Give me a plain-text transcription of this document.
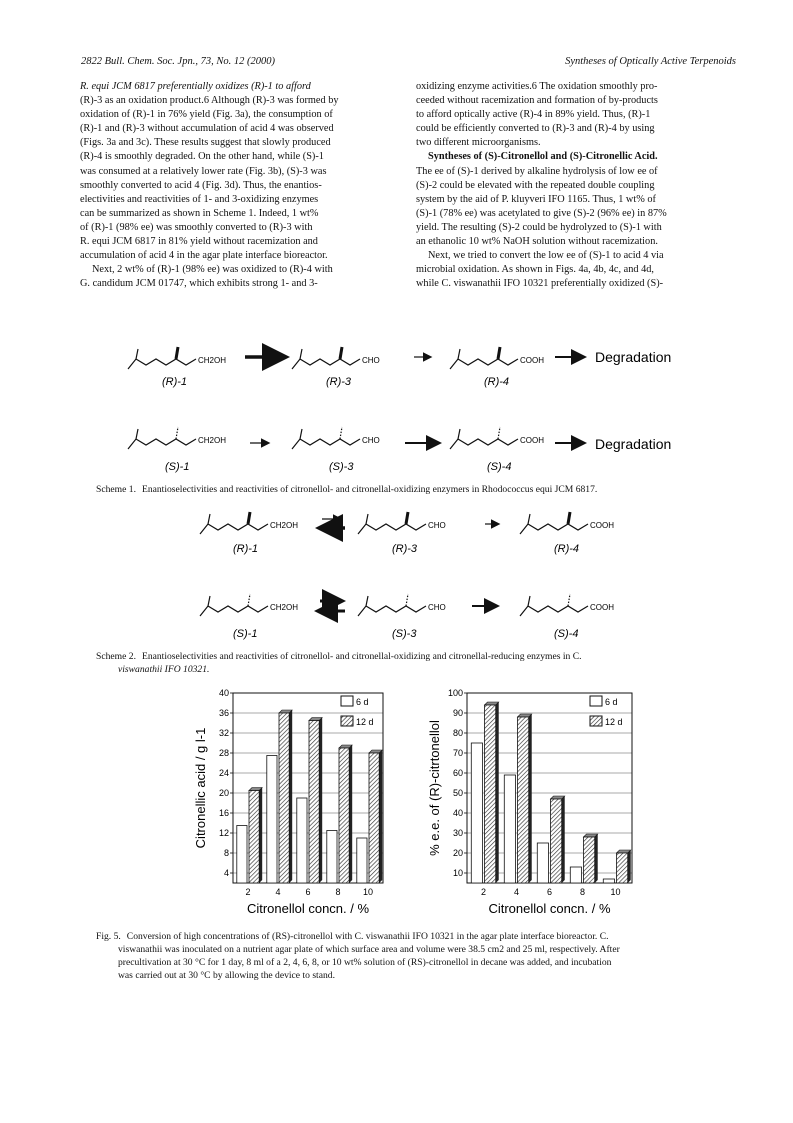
2822 Bull. Chem. Soc. Jpn., 73, No. 12 (2000)	Syntheses of Optically Active Terpenoids

R. equi JCM 6817 preferentially oxidizes (R)-1 to afford

(R)-3 as an oxidation product.6 Although (R)-3 was formed by

oxidation of (R)-1 in 76% yield (Fig. 3a), the consumption of

(R)-1 and (R)-3 without accumulation of acid 4 was observed

(Figs. 3a and 3c). These results suggest that slowly produced

(R)-4 is smoothly degraded. On the other hand, while (S)-1

was consumed at a relatively lower rate (Fig. 3b), (S)-3 was

smoothly converted to acid 4 (Fig. 3d). Thus, the enantios-

electivities and reactivities of 1- and 3-oxidizing enzymes

can be summarized as shown in Scheme 1. Indeed, 1 wt%

of (R)-1 (98% ee) was smoothly converted to (R)-3 with

R. equi JCM 6817 in 81% yield without racemization and

accumulation of acid 4 in the agar plate interface bioreactor.

Next, 2 wt% of (R)-1 (98% ee) was oxidized to (R)-4 with

G. candidum JCM 01747, which exhibits strong 1- and 3-

oxidizing enzyme activities.6 The oxidation smoothly pro-

ceeded without racemization and formation of by-products

to afford optically active (R)-4 in 89% yield. Thus, (R)-1

could be efficiently converted to (R)-3 and (R)-4 by using

two different microorganisms.

Syntheses of (S)-Citronellol and (S)-Citronellic Acid.

The ee of (S)-1 derived by alkaline hydrolysis of low ee of

(S)-2 could be elevated with the repeated double coupling

system by the aid of P. kluyveri IFO 1165. Thus, 1 wt% of

(S)-1 (78% ee) was acetylated to give (S)-2 (96% ee) in 87%

yield. The resulting (S)-2 could be hydrolyzed to (S)-1 with

an ethanolic 10 wt% NaOH solution without racemization.

Next, we tried to convert the low ee of (S)-1 to acid 4 via

microbial oxidation. As shown in Figs. 4a, 4b, 4c, and 4d,

while C. viswanathii IFO 10321 preferentially oxidized (S)-

CH2OH	CHO	COOH	Degradation
(R)-1	(R)-3	(R)-4
CH2OH	CHO	COOH	Degradation
(S)-1	(S)-3	(S)-4
Scheme 1. Enantioselectivities and reactivities of citronellol- and citronellal-oxidizing enzymers in Rhodococcus equi JCM 6817.
CH2OH	CHO	COOH
(R)-1	(R)-3	(R)-4
CH2OH	CHO	COOH
(S)-1	(S)-3	(S)-4
Scheme 2. Enantioselectivities and reactivities of citronellol- and citronellal-oxidizing and citronellal-reducing enzymes in C.
viswanathii IFO 10321.
4
8
12
16
20
24
28
32
36
40
2	4	6	8 10
6 d
12 d
Citronellol concn. / %
Citronellic acid / g l-1
10
20
30
40
50
60
70
80
90
100
2	4	6	8	10
6 d
12 d
Citronellol concn. / %
% e.e. of (R)-citrtonellol
Fig. 5. Conversion of high concentrations of (RS)-citronellol with C. viswanathii IFO 10321 in the agar plate interface bioreactor. C.
viswanathii was inoculated on a nutrient agar plate of which surface area and volume were 38.5 cm2 and 25 ml, respectively. After
precultivation at 30 °C for 1 day, 8 ml of a 2, 4, 6, 8, or 10 wt% solution of (RS)-citronellol in decane was added, and incubation
was carried out at 30 °C by allowing the device to stand.
